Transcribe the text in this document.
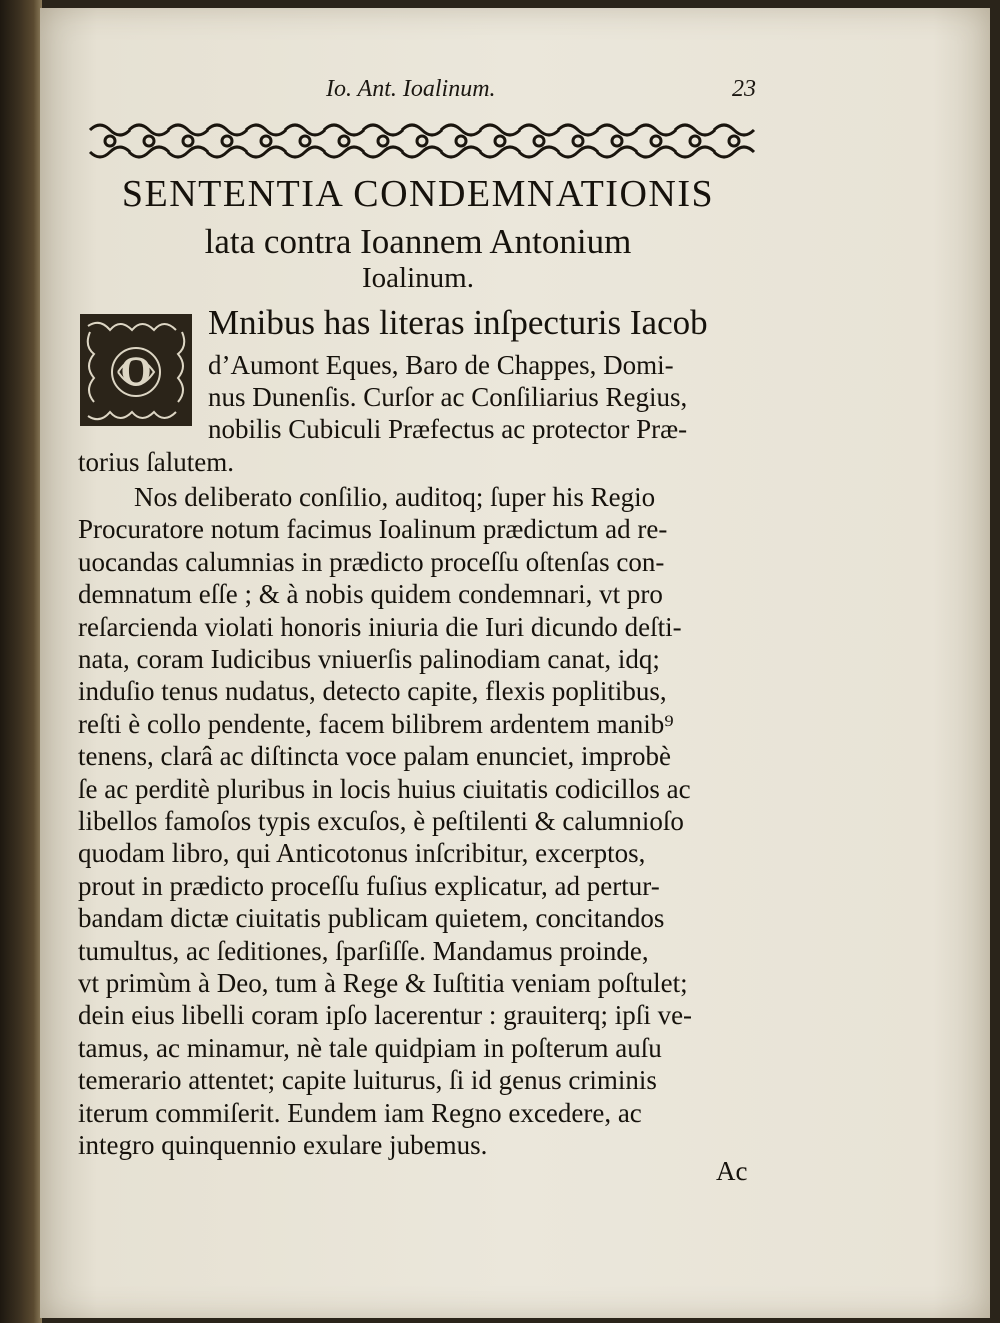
Io. Ant. Ioalinum.	23
SENTENTIA CONDEMNATIONIS
lata contra Ioannem Antonium
Ioalinum.
O
Mnibus has literas inſpecturis Iacob
d’Aumont Eques, Baro de Chappes, Domi-
nus Dunenſis. Curſor ac Conſiliarius Regius,
nobilis Cubiculi Præfectus ac protector Præ-
torius ſalutem.
Nos deliberato conſilio, auditoq; ſuper his Regio
Procuratore notum facimus Ioalinum prædictum ad re-
uocandas calumnias in prædicto proceſſu oſtenſas con-
demnatum eſſe ; & à nobis quidem condemnari, vt pro
reſarcienda violati honoris iniuria die Iuri dicundo deſti-
nata, coram Iudicibus vniuerſis palinodiam canat, idq;
induſio tenus nudatus, detecto capite, flexis poplitibus,
reſti è collo pendente, facem bilibrem ardentem manib⁹
tenens, clarâ ac diſtincta voce palam enunciet, improbè
ſe ac perditè pluribus in locis huius ciuitatis codicillos ac
libellos famoſos typis excuſos, è peſtilenti & calumnioſo
quodam libro, qui Anticotonus inſcribitur, excerptos,
prout in prædicto proceſſu fuſius explicatur, ad pertur-
bandam dictæ ciuitatis publicam quietem, concitandos
tumultus, ac ſeditiones, ſparſiſſe. Mandamus proinde,
vt primùm à Deo, tum à Rege & Iuſtitia veniam poſtulet;
dein eius libelli coram ipſo lacerentur : grauiterq; ipſi ve-
tamus, ac minamur, nè tale quidpiam in poſterum auſu
temerario attentet; capite luiturus, ſi id genus criminis
iterum commiſerit. Eundem iam Regno excedere, ac
integro quinquennio exulare jubemus.
Ac
